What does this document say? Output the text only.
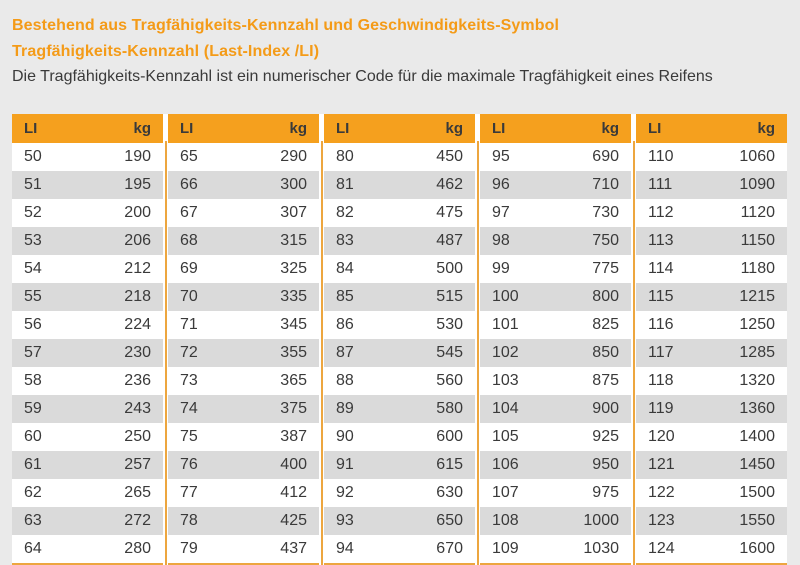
Bestehend aus Tragfähigkeits-Kennzahl und Geschwindigkeits-Symbol
Tragfähigkeits-Kennzahl (Last-Index /LI)
Die Tragfähigkeits-Kennzahl ist ein numerischer Code für die maximale Tragfähigkeit eines Reifens
LI	kg
50	190
51	195
52	200
53	206
54	212
55	218
56	224
57	230
58	236
59	243
60	250
61	257
62	265
63	272
64	280
LI	kg
65	290
66	300
67	307
68	315
69	325
70	335
71	345
72	355
73	365
74	375
75	387
76	400
77	412
78	425
79	437
LI	kg
80	450
81	462
82	475
83	487
84	500
85	515
86	530
87	545
88	560
89	580
90	600
91	615
92	630
93	650
94	670
LI	kg
95	690
96	710
97	730
98	750
99	775
100	800
101	825
102	850
103	875
104	900
105	925
106	950
107	975
108	1000
109	1030
LI	kg
110	1060
111	1090
112	1120
113	1150
114	1180
115	1215
116	1250
117	1285
118	1320
119	1360
120	1400
121	1450
122	1500
123	1550
124	1600
